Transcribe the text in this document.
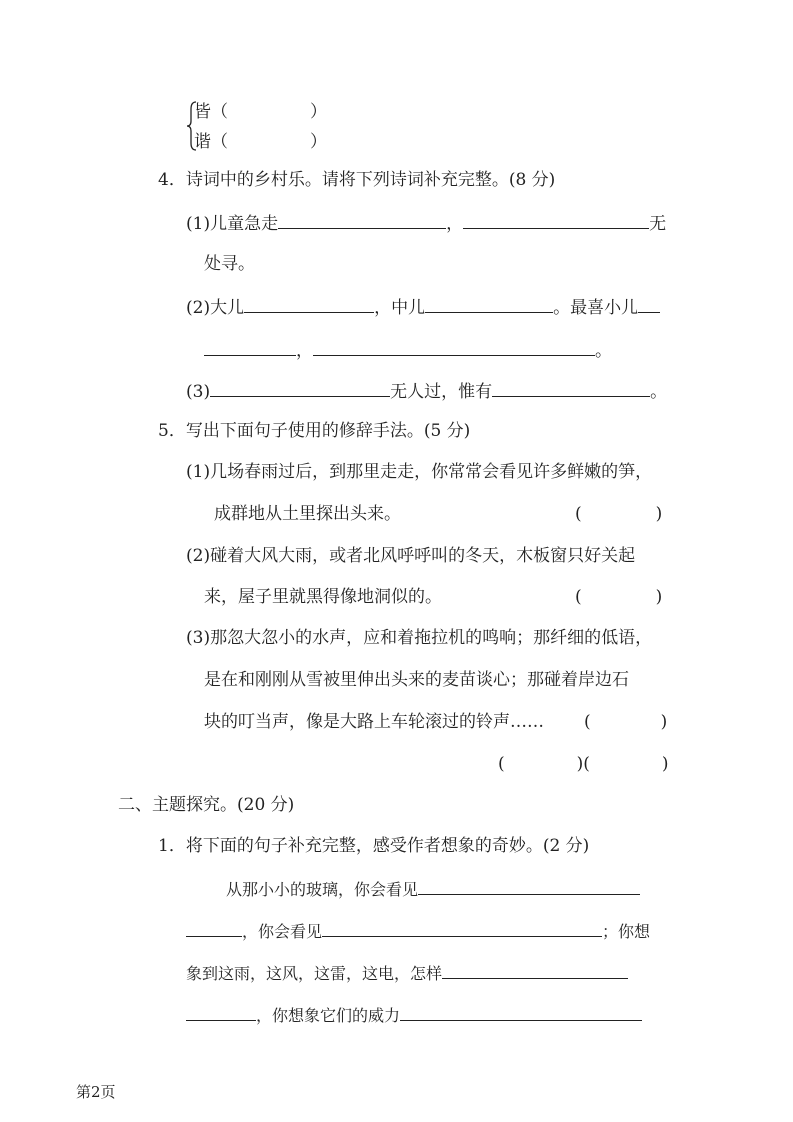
皆（	）
谐（	）
4．诗词中的乡村乐。请将下列诗词补充完整。(8 分)
(1)儿童急走	，	无
处寻。
(2)大儿	，中儿	。最喜小儿
，	。
(3)	无人过，惟有	。
5．写出下面句子使用的修辞手法。(5 分)
(1)几场春雨过后，到那里走走，你常常会看见许多鲜嫩的笋，
成群地从土里探出头来。	(	)
(2)碰着大风大雨，或者北风呼呼叫的冬天，木板窗只好关起
来，屋子里就黑得像地洞似的。	(	)
(3)那忽大忽小的水声，应和着拖拉机的鸣响；那纤细的低语，
是在和刚刚从雪被里伸出头来的麦苗谈心；那碰着岸边石
块的叮当声，像是大路上车轮滚过的铃声…… (	)
(	)(	)
二、主题探究。(20 分)
1．将下面的句子补充完整，感受作者想象的奇妙。(2 分)
从那小小的玻璃，你会看见
，你会看见	；你想
象到这雨，这风，这雷，这电，怎样
，你想象它们的威力
第2页
